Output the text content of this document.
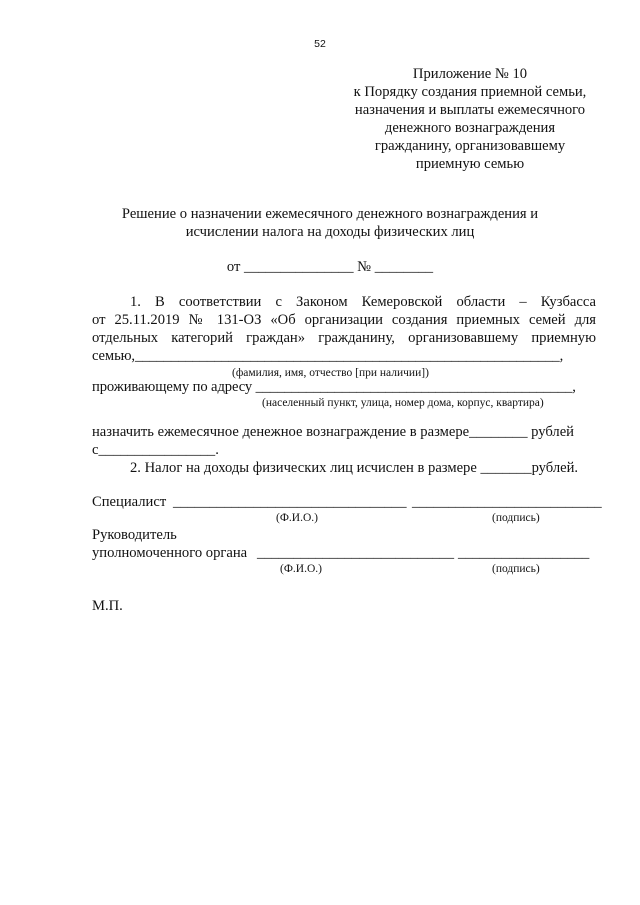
52
Приложение № 10
к Порядку создания приемной семьи,
назначения и выплаты ежемесячного
денежного вознаграждения
гражданину, организовавшему
приемную семью
Решение о назначении ежемесячного денежного вознаграждения и
исчислении налога на доходы физических лиц
от _______________ № ________
1. В соответствии с Законом Кемеровской области – Кузбасса
от 25.11.2019 № 131-ОЗ «Об организации создания приемных семей для
отдельных категорий граждан» гражданину, организовавшему приемную
семью,___________________________________________________________,
(фамилия, имя, отчество [при наличии])
проживающему по адресу ____________________________________________,
(населенный пункт, улица, номер дома, корпус, квартира)
назначить ежемесячное денежное вознаграждение в размере________ рублей
с________________.
2. Налог на доходы физических лиц исчислен в размере _______рублей.
Специалист ________________________________ __________________________
(Ф.И.О.)	(подпись)
Руководитель
уполномоченного органа ___________________________ __________________
(Ф.И.О.)	(подпись)
М.П.
